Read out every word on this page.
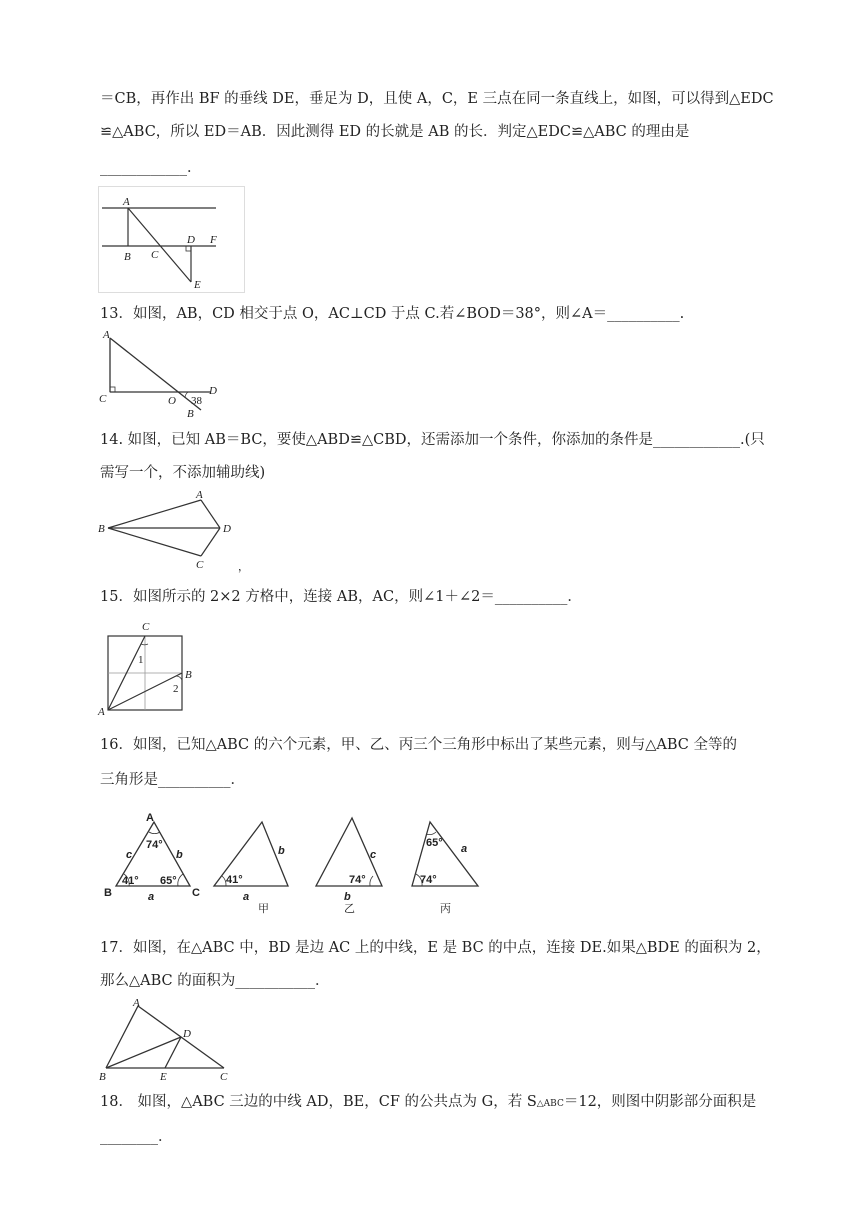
＝CB，再作出 BF 的垂线 DE，垂足为 D，且使 A，C，E 三点在同一条直线上，如图，可以得到△EDC
≌△ABC，所以 ED＝AB．因此测得 ED 的长就是 AB 的长．判定△EDC≌△ABC 的理由是
____________．
A
B C
D F
E
13．如图，AB，CD 相交于点 O，AC⊥CD 于点 C.若∠BOD＝38°，则∠A＝__________.
A
C	O
D
B
38
14. 如图，已知 AB＝BC，要使△ABD≌△CBD，还需添加一个条件，你添加的条件是____________.(只
需写一个，不添加辅助线)
A
B	D
C	，
15．如图所示的 2×2 方格中，连接 AB，AC，则∠1＋∠2＝__________．
C
B
A
1
2
16．如图，已知△ABC 的六个元素，甲、乙、丙三个三角形中标出了某些元素，则与△ABC 全等的
三角形是__________．
A
B	C
c	b
a
74°
41° 65°	41°
b
a
甲
74°
c
b
乙
65°
74°
a
丙
17．如图，在△ABC 中，BD 是边 AC 上的中线，E 是 BC 的中点，连接 DE.如果△BDE 的面积为 2，
那么△ABC 的面积为___________．
A
D
B	E	C
18． 如图，△ABC 三边的中线 AD，BE，CF 的公共点为 G，若 S△ABC＝12，则图中阴影部分面积是
________．
